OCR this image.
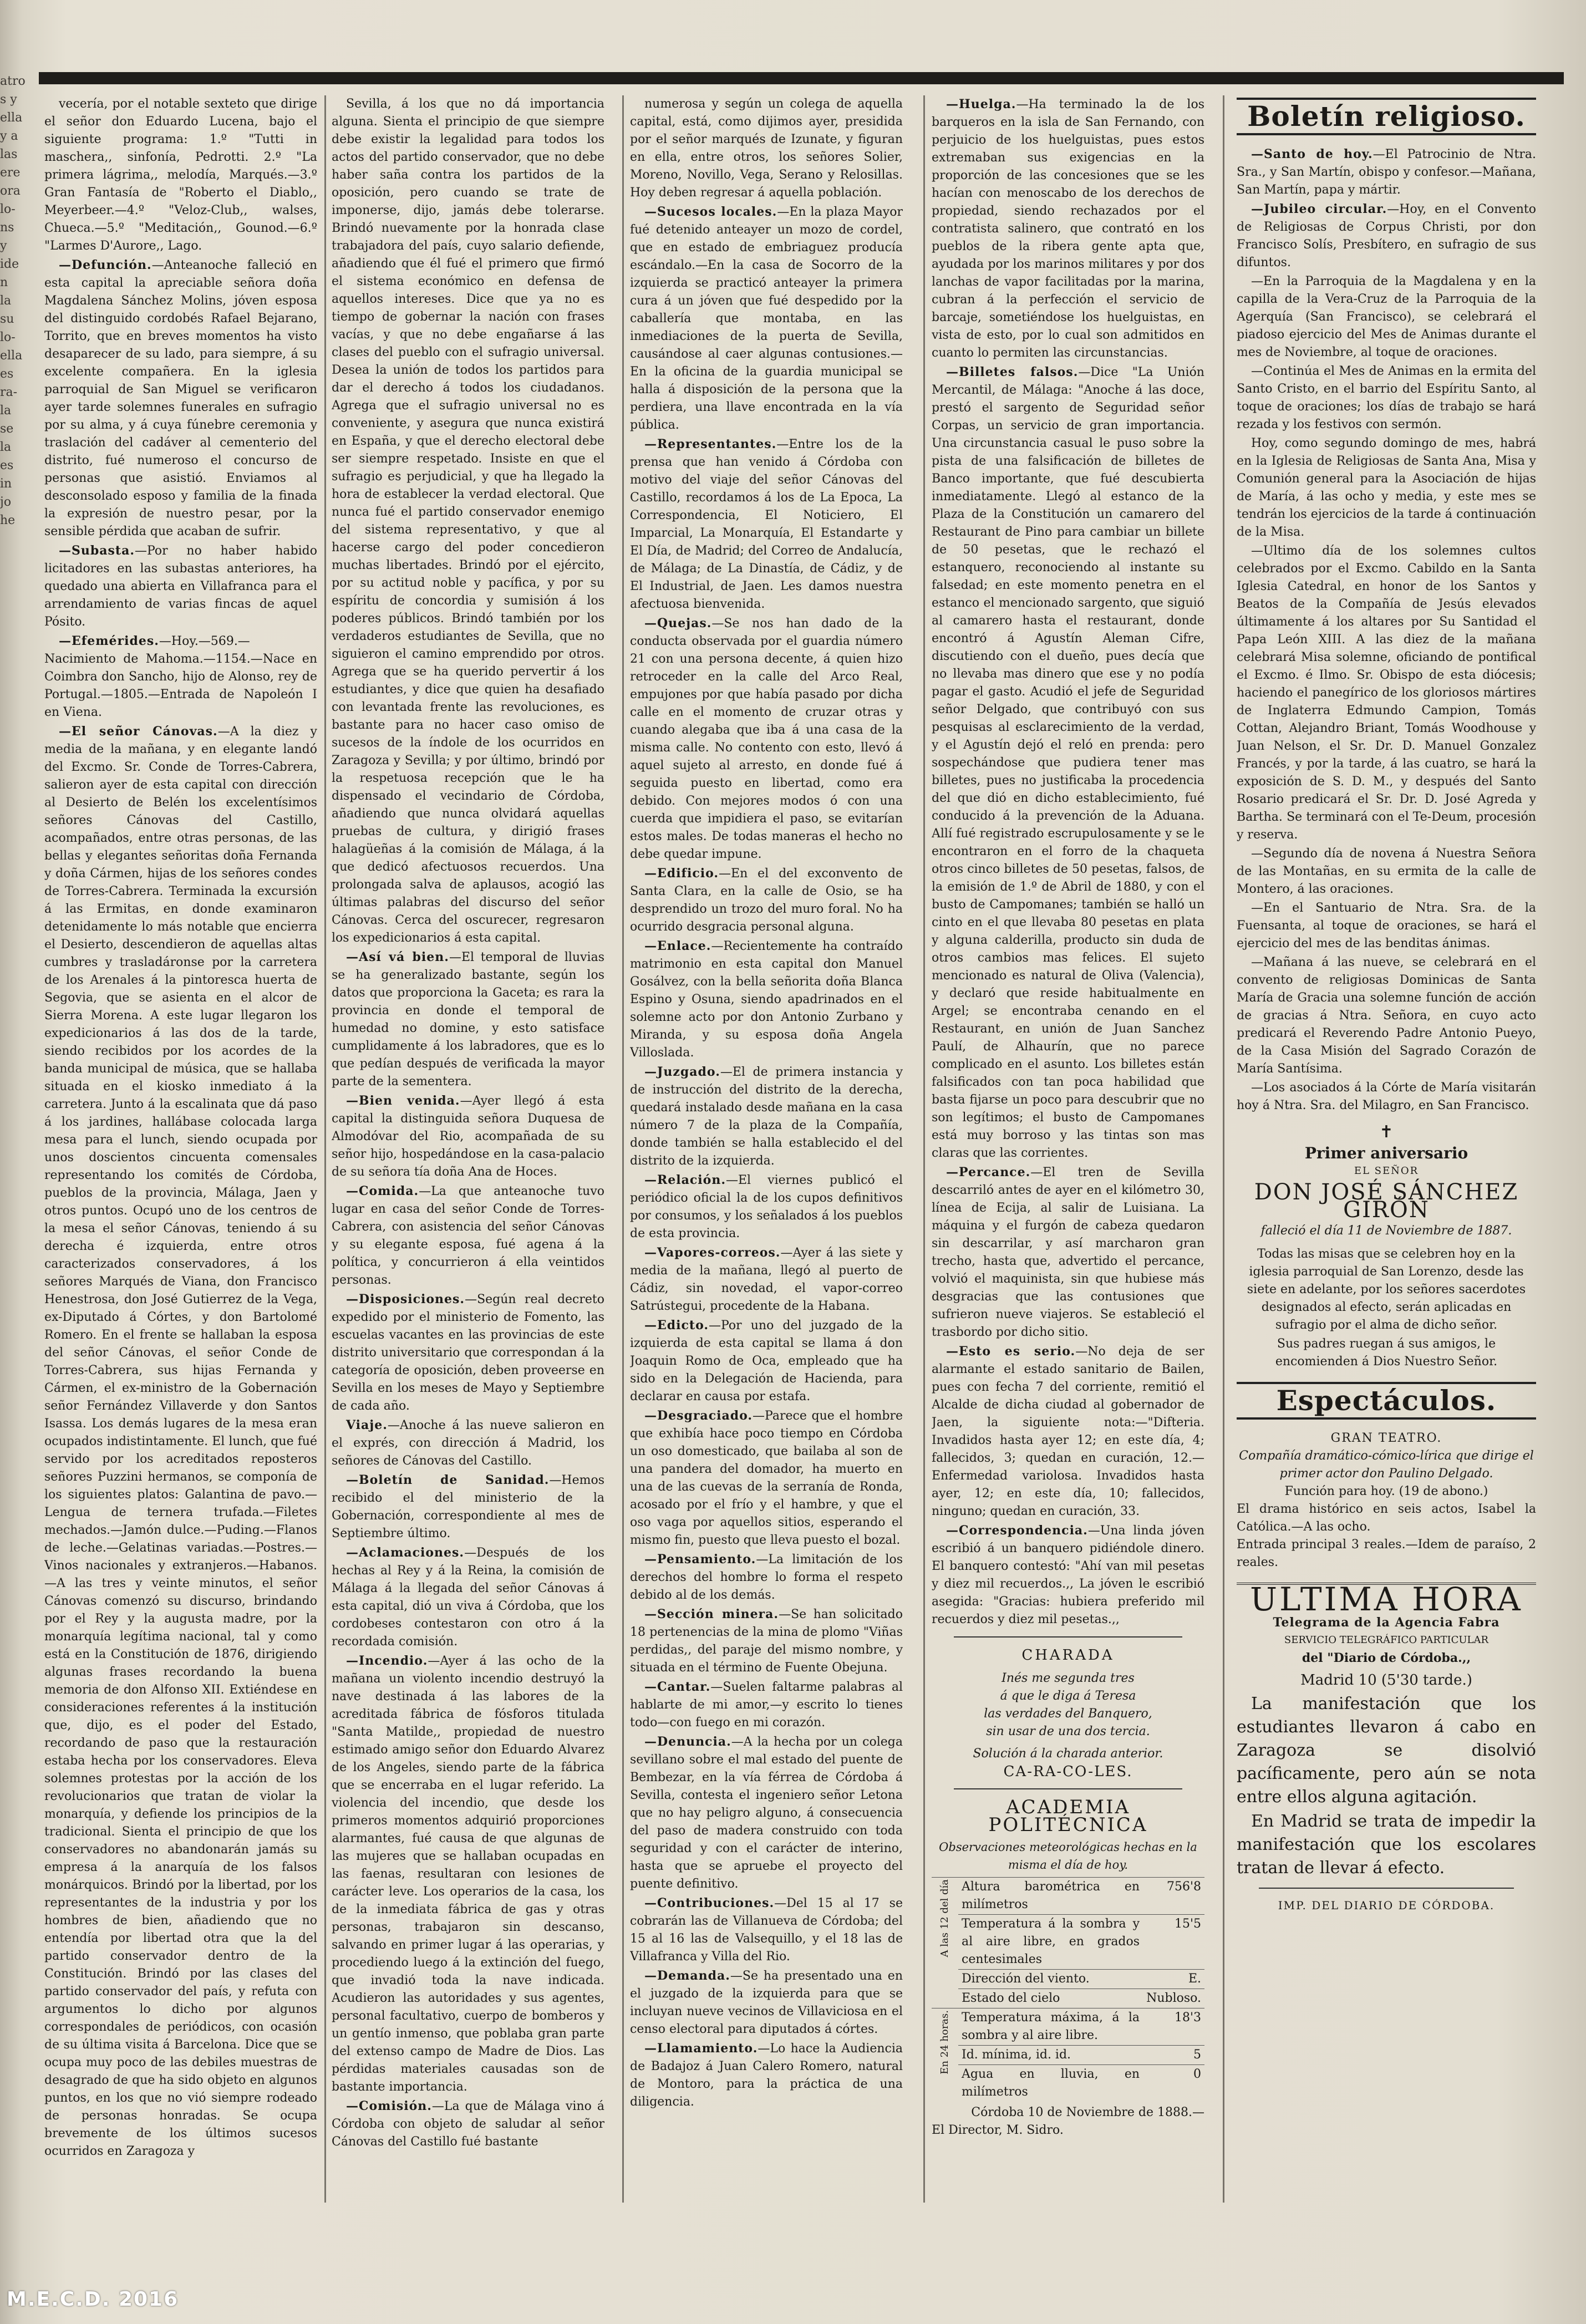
atro
s y
ella
y a
las
ere
ora
lo-
ns
y
ide
n
la
su
lo-
ella
es
ra-
la
se
la
es
in
jo
he

vecería, por el notable sexteto que dirige el señor don Eduardo Lucena, bajo el siguiente programa: 1.º "Tutti in maschera,, sinfonía, Pedrotti. 2.º "La primera lágrima,, melodía, Marqués.—3.º Gran Fantasía de "Roberto el Diablo,, Meyerbeer.—4.º "Veloz-Club,, walses, Chueca.—5.º "Meditación,, Gounod.—6.º "Larmes D'Aurore,, Lago.

—Defunción.—Anteanoche falleció en esta capital la apreciable señora doña Magdalena Sánchez Molins, jóven esposa del distinguido cordobés Rafael Bejarano, Torrito, que en breves momentos ha visto desaparecer de su lado, para siempre, á su excelente compañera. En la iglesia parroquial de San Miguel se verificaron ayer tarde solemnes funerales en sufragio por su alma, y á cuya fúnebre ceremonia y traslación del cadáver al cementerio del distrito, fué numeroso el concurso de personas que asistió. Enviamos al desconsolado esposo y familia de la finada la expresión de nuestro pesar, por la sensible pérdida que acaban de sufrir.

—Subasta.—Por no haber habido licitadores en las subastas anteriores, ha quedado una abierta en Villafranca para el arrendamiento de varias fincas de aquel Pósito.

—Efemérides.—Hoy.—569.—Nacimiento de Mahoma.—1154.—Nace en Coimbra don Sancho, hijo de Alonso, rey de Portugal.—1805.—Entrada de Napoleón I en Viena.

—El señor Cánovas.—A la diez y media de la mañana, y en elegante landó del Excmo. Sr. Conde de Torres-Cabrera, salieron ayer de esta capital con dirección al Desierto de Belén los excelentísimos señores Cánovas del Castillo, acompañados, entre otras personas, de las bellas y elegantes señoritas doña Fernanda y doña Cármen, hijas de los señores condes de Torres-Cabrera. Terminada la excursión á las Ermitas, en donde examinaron detenidamente lo más notable que encierra el Desierto, descendieron de aquellas altas cumbres y trasladáronse por la carretera de los Arenales á la pintoresca huerta de Segovia, que se asienta en el alcor de Sierra Morena. A este lugar llegaron los expedicionarios á las dos de la tarde, siendo recibidos por los acordes de la banda municipal de música, que se hallaba situada en el kiosko inmediato á la carretera. Junto á la escalinata que dá paso á los jardines, hallábase colocada larga mesa para el lunch, siendo ocupada por unos doscientos cincuenta comensales representando los comités de Córdoba, pueblos de la provincia, Málaga, Jaen y otros puntos. Ocupó uno de los centros de la mesa el señor Cánovas, teniendo á su derecha é izquierda, entre otros caracterizados conservadores, á los señores Marqués de Viana, don Francisco Henestrosa, don José Gutierrez de la Vega, ex-Diputado á Córtes, y don Bartolomé Romero. En el frente se hallaban la esposa del señor Cánovas, el señor Conde de Torres-Cabrera, sus hijas Fernanda y Cármen, el ex-ministro de la Gobernación señor Fernández Villaverde y don Santos Isassa. Los demás lugares de la mesa eran ocupados indistintamente. El lunch, que fué servido por los acreditados reposteros señores Puzzini hermanos, se componía de los siguientes platos: Galantina de pavo.—Lengua de ternera trufada.—Filetes mechados.—Jamón dulce.—Puding.—Flanos de leche.—Gelatinas variadas.—Postres.—Vinos nacionales y extranjeros.—Habanos.—A las tres y veinte minutos, el señor Cánovas comenzó su discurso, brindando por el Rey y la augusta madre, por la monarquía legítima nacional, tal y como está en la Constitución de 1876, dirigiendo algunas frases recordando la buena memoria de don Alfonso XII. Extiéndese en consideraciones referentes á la institución que, dijo, es el poder del Estado, recordando de paso que la restauración estaba hecha por los conservadores. Eleva solemnes protestas por la acción de los revolucionarios que tratan de violar la monarquía, y defiende los principios de la tradicional. Sienta el principio de que los conservadores no abandonarán jamás su empresa á la anarquía de los falsos monárquicos. Brindó por la libertad, por los representantes de la industria y por los hombres de bien, añadiendo que no entendía por libertad otra que la del partido conservador dentro de la Constitución. Brindó por las clases del partido conservador del país, y refuta con argumentos lo dicho por algunos correspondales de periódicos, con ocasión de su última visita á Barcelona. Dice que se ocupa muy poco de las debiles muestras de desagrado de que ha sido objeto en algunos puntos, en los que no vió siempre rodeado de personas honradas. Se ocupa brevemente de los últimos sucesos ocurridos en Zaragoza y

Sevilla, á los que no dá importancia alguna. Sienta el principio de que siempre debe existir la legalidad para todos los actos del partido conservador, que no debe haber saña contra los partidos de la oposición, pero cuando se trate de imponerse, dijo, jamás debe tolerarse. Brindó nuevamente por la honrada clase trabajadora del país, cuyo salario defiende, añadiendo que él fué el primero que firmó el sistema económico en defensa de aquellos intereses. Dice que ya no es tiempo de gobernar la nación con frases vacías, y que no debe engañarse á las clases del pueblo con el sufragio universal. Desea la unión de todos los partidos para dar el derecho á todos los ciudadanos. Agrega que el sufragio universal no es conveniente, y asegura que nunca existirá en España, y que el derecho electoral debe ser siempre respetado. Insiste en que el sufragio es perjudicial, y que ha llegado la hora de establecer la verdad electoral. Que nunca fué el partido conservador enemigo del sistema representativo, y que al hacerse cargo del poder concedieron muchas libertades. Brindó por el ejército, por su actitud noble y pacífica, y por su espíritu de concordia y sumisión á los poderes públicos. Brindó también por los verdaderos estudiantes de Sevilla, que no siguieron el camino emprendido por otros. Agrega que se ha querido pervertir á los estudiantes, y dice que quien ha desafiado con levantada frente las revoluciones, es bastante para no hacer caso omiso de sucesos de la índole de los ocurridos en Zaragoza y Sevilla; y por último, brindó por la respetuosa recepción que le ha dispensado el vecindario de Córdoba, añadiendo que nunca olvidará aquellas pruebas de cultura, y dirigió frases halagüeñas á la comisión de Málaga, á la que dedicó afectuosos recuerdos. Una prolongada salva de aplausos, acogió las últimas palabras del discurso del señor Cánovas. Cerca del oscurecer, regresaron los expedicionarios á esta capital.

—Así vá bien.—El temporal de lluvias se ha generalizado bastante, según los datos que proporciona la Gaceta; es rara la provincia en donde el temporal de humedad no domine, y esto satisface cumplidamente á los labradores, que es lo que pedían después de verificada la mayor parte de la sementera.

—Bien venida.—Ayer llegó á esta capital la distinguida señora Duquesa de Almodóvar del Rio, acompañada de su señor hijo, hospedándose en la casa-palacio de su señora tía doña Ana de Hoces.

—Comida.—La que anteanoche tuvo lugar en casa del señor Conde de Torres-Cabrera, con asistencia del señor Cánovas y su elegante esposa, fué agena á la política, y concurrieron á ella veintidos personas.

—Disposiciones.—Según real decreto expedido por el ministerio de Fomento, las escuelas vacantes en las provincias de este distrito universitario que correspondan á la categoría de oposición, deben proveerse en Sevilla en los meses de Mayo y Septiembre de cada año.

Viaje.—Anoche á las nueve salieron en el exprés, con dirección á Madrid, los señores de Cánovas del Castillo.

—Boletín de Sanidad.—Hemos recibido el del ministerio de la Gobernación, correspondiente al mes de Septiembre último.

—Aclamaciones.—Después de los hechas al Rey y á la Reina, la comisión de Málaga á la llegada del señor Cánovas á esta capital, dió un viva á Córdoba, que los cordobeses contestaron con otro á la recordada comisión.

—Incendio.—Ayer á las ocho de la mañana un violento incendio destruyó la nave destinada á las labores de la acreditada fábrica de fósforos titulada "Santa Matilde,, propiedad de nuestro estimado amigo señor don Eduardo Alvarez de los Angeles, siendo parte de la fábrica que se encerraba en el lugar referido. La violencia del incendio, que desde los primeros momentos adquirió proporciones alarmantes, fué causa de que algunas de las mujeres que se hallaban ocupadas en las faenas, resultaran con lesiones de carácter leve. Los operarios de la casa, los de la inmediata fábrica de gas y otras personas, trabajaron sin descanso, salvando en primer lugar á las operarias, y procediendo luego á la extinción del fuego, que invadió toda la nave indicada. Acudieron las autoridades y sus agentes, personal facultativo, cuerpo de bomberos y un gentío inmenso, que poblaba gran parte del extenso campo de Madre de Dios. Las pérdidas materiales causadas son de bastante importancia.

—Comisión.—La que de Málaga vino á Córdoba con objeto de saludar al señor Cánovas del Castillo fué bastante

numerosa y según un colega de aquella capital, está, como dijimos ayer, presidida por el señor marqués de Izunate, y figuran en ella, entre otros, los señores Solier, Moreno, Novillo, Vega, Serano y Relosillas. Hoy deben regresar á aquella población.

—Sucesos locales.—En la plaza Mayor fué detenido anteayer un mozo de cordel, que en estado de embriaguez producía escándalo.—En la casa de Socorro de la izquierda se practicó anteayer la primera cura á un jóven que fué despedido por la caballería que montaba, en las inmediaciones de la puerta de Sevilla, causándose al caer algunas contusiones.—En la oficina de la guardia municipal se halla á disposición de la persona que la perdiera, una llave encontrada en la vía pública.

—Representantes.—Entre los de la prensa que han venido á Córdoba con motivo del viaje del señor Cánovas del Castillo, recordamos á los de La Epoca, La Correspondencia, El Noticiero, El Imparcial, La Monarquía, El Estandarte y El Día, de Madrid; del Correo de Andalucía, de Málaga; de La Dinastía, de Cádiz, y de El Industrial, de Jaen. Les damos nuestra afectuosa bienvenida.

—Quejas.—Se nos han dado de la conducta observada por el guardia número 21 con una persona decente, á quien hizo retroceder en la calle del Arco Real, empujones por que había pasado por dicha calle en el momento de cruzar otras y cuando alegaba que iba á una casa de la misma calle. No contento con esto, llevó á aquel sujeto al arresto, en donde fué á seguida puesto en libertad, como era debido. Con mejores modos ó con una cuerda que impidiera el paso, se evitarían estos males. De todas maneras el hecho no debe quedar impune.

—Edificio.—En el del exconvento de Santa Clara, en la calle de Osio, se ha desprendido un trozo del muro foral. No ha ocurrido desgracia personal alguna.

—Enlace.—Recientemente ha contraído matrimonio en esta capital don Manuel Gosálvez, con la bella señorita doña Blanca Espino y Osuna, siendo apadrinados en el solemne acto por don Antonio Zurbano y Miranda, y su esposa doña Angela Villoslada.

—Juzgado.—El de primera instancia y de instrucción del distrito de la derecha, quedará instalado desde mañana en la casa número 7 de la plaza de la Compañía, donde también se halla establecido el del distrito de la izquierda.

—Relación.—El viernes publicó el periódico oficial la de los cupos definitivos por consumos, y los señalados á los pueblos de esta provincia.

—Vapores-correos.—Ayer á las siete y media de la mañana, llegó al puerto de Cádiz, sin novedad, el vapor-correo Satrústegui, procedente de la Habana.

—Edicto.—Por uno del juzgado de la izquierda de esta capital se llama á don Joaquin Romo de Oca, empleado que ha sido en la Delegación de Hacienda, para declarar en causa por estafa.

—Desgraciado.—Parece que el hombre que exhibía hace poco tiempo en Córdoba un oso domesticado, que bailaba al son de una pandera del domador, ha muerto en una de las cuevas de la serranía de Ronda, acosado por el frío y el hambre, y que el oso vaga por aquellos sitios, esperando el mismo fin, puesto que lleva puesto el bozal.

—Pensamiento.—La limitación de los derechos del hombre lo forma el respeto debido al de los demás.

—Sección minera.—Se han solicitado 18 pertenencias de la mina de plomo "Viñas perdidas,, del paraje del mismo nombre, y situada en el término de Fuente Obejuna.

—Cantar.—Suelen faltarme palabras al hablarte de mi amor,—y escrito lo tienes todo—con fuego en mi corazón.

—Denuncia.—A la hecha por un colega sevillano sobre el mal estado del puente de Bembezar, en la vía férrea de Córdoba á Sevilla, contesta el ingeniero señor Letona que no hay peligro alguno, á consecuencia del paso de madera construido con toda seguridad y con el carácter de interino, hasta que se apruebe el proyecto del puente definitivo.

—Contribuciones.—Del 15 al 17 se cobrarán las de Villanueva de Córdoba; del 15 al 16 las de Valsequillo, y el 18 las de Villafranca y Villa del Rio.

—Demanda.—Se ha presentado una en el juzgado de la izquierda para que se incluyan nueve vecinos de Villaviciosa en el censo electoral para diputados á córtes.

—Llamamiento.—Lo hace la Audiencia de Badajoz á Juan Calero Romero, natural de Montoro, para la práctica de una diligencia.

—Huelga.—Ha terminado la de los barqueros en la isla de San Fernando, con perjuicio de los huelguistas, pues estos extremaban sus exigencias en la proporción de las concesiones que se les hacían con menoscabo de los derechos de propiedad, siendo rechazados por el contratista salinero, que contrató en los pueblos de la ribera gente apta que, ayudada por los marinos militares y por dos lanchas de vapor facilitadas por la marina, cubran á la perfección el servicio de barcaje, sometiéndose los huelguistas, en vista de esto, por lo cual son admitidos en cuanto lo permiten las circunstancias.

—Billetes falsos.—Dice "La Unión Mercantil, de Málaga: "Anoche á las doce, prestó el sargento de Seguridad señor Corpas, un servicio de gran importancia. Una circunstancia casual le puso sobre la pista de una falsificación de billetes de Banco importante, que fué descubierta inmediatamente. Llegó al estanco de la Plaza de la Constitución un camarero del Restaurant de Pino para cambiar un billete de 50 pesetas, que le rechazó el estanquero, reconociendo al instante su falsedad; en este momento penetra en el estanco el mencionado sargento, que siguió al camarero hasta el restaurant, donde encontró á Agustín Aleman Cifre, discutiendo con el dueño, pues decía que no llevaba mas dinero que ese y no podía pagar el gasto. Acudió el jefe de Seguridad señor Delgado, que contribuyó con sus pesquisas al esclarecimiento de la verdad, y el Agustín dejó el reló en prenda: pero sospechándose que pudiera tener mas billetes, pues no justificaba la procedencia del que dió en dicho establecimiento, fué conducido á la prevención de la Aduana. Allí fué registrado escrupulosamente y se le encontraron en el forro de la chaqueta otros cinco billetes de 50 pesetas, falsos, de la emisión de 1.º de Abril de 1880, y con el busto de Campomanes; también se halló un cinto en el que llevaba 80 pesetas en plata y alguna calderilla, producto sin duda de otros cambios mas felices. El sujeto mencionado es natural de Oliva (Valencia), y declaró que reside habitualmente en Argel; se encontraba cenando en el Restaurant, en unión de Juan Sanchez Paulí, de Alhaurín, que no parece complicado en el asunto. Los billetes están falsificados con tan poca habilidad que basta fijarse un poco para descubrir que no son legítimos; el busto de Campomanes está muy borroso y las tintas son mas claras que las corrientes.

—Percance.—El tren de Sevilla descarriló antes de ayer en el kilómetro 30, línea de Ecija, al salir de Luisiana. La máquina y el furgón de cabeza quedaron sin descarrilar, y así marcharon gran trecho, hasta que, advertido el percance, volvió el maquinista, sin que hubiese más desgracias que las contusiones que sufrieron nueve viajeros. Se estableció el trasbordo por dicho sitio.

—Esto es serio.—No deja de ser alarmante el estado sanitario de Bailen, pues con fecha 7 del corriente, remitió el Alcalde de dicha ciudad al gobernador de Jaen, la siguiente nota:—"Difteria. Invadidos hasta ayer 12; en este día, 4; fallecidos, 3; quedan en curación, 12.—Enfermedad variolosa. Invadidos hasta ayer, 12; en este día, 10; fallecidos, ninguno; quedan en curación, 33.

—Correspondencia.—Una linda jóven escribió á un banquero pidiéndole dinero. El banquero contestó: "Ahí van mil pesetas y diez mil recuerdos.,, La jóven le escribió asegida: "Gracias: hubiera preferido mil recuerdos y diez mil pesetas.,,

CHARADA
Inés me segunda tres
á que le diga á Teresa
las verdades del Banquero,
sin usar de una dos tercia.
Solución á la charada anterior.
CA-RA-CO-LES.
ACADEMIA POLITÉCNICA
Observaciones meteorológicas hechas en la misma el día de hoy.
A las 12 del día	Altura barométrica en milímetros	756'8
	Temperatura á la sombra y al aire libre, en grados centesimales	15'5
	Dirección del viento.	E.
	Estado del cielo	Nubloso.
En 24 horas.	Temperatura máxima, á la sombra y al aire libre.	18'3
	Id. mínima, id. id.	5
	Agua en lluvia, en milímetros	0
Córdoba 10 de Noviembre de 1888.—
El Director, M. Sidro.
Boletín religioso.

—Santo de hoy.—El Patrocinio de Ntra. Sra., y San Martín, obispo y confesor.—Mañana, San Martín, papa y mártir.

—Jubileo circular.—Hoy, en el Convento de Religiosas de Corpus Christi, por don Francisco Solís, Presbítero, en sufragio de sus difuntos.

—En la Parroquia de la Magdalena y en la capilla de la Vera-Cruz de la Parroquia de la Agerquía (San Francisco), se celebrará el piadoso ejercicio del Mes de Animas durante el mes de Noviembre, al toque de oraciones.

—Continúa el Mes de Animas en la ermita del Santo Cristo, en el barrio del Espíritu Santo, al toque de oraciones; los días de trabajo se hará rezada y los festivos con sermón.

Hoy, como segundo domingo de mes, habrá en la Iglesia de Religiosas de Santa Ana, Misa y Comunión general para la Asociación de hijas de María, á las ocho y media, y este mes se tendrán los ejercicios de la tarde á continuación de la Misa.

—Ultimo día de los solemnes cultos celebrados por el Excmo. Cabildo en la Santa Iglesia Catedral, en honor de los Santos y Beatos de la Compañía de Jesús elevados últimamente á los altares por Su Santidad el Papa León XIII. A las diez de la mañana celebrará Misa solemne, oficiando de pontifical el Excmo. é Ilmo. Sr. Obispo de esta diócesis; haciendo el panegírico de los gloriosos mártires de Inglaterra Edmundo Campion, Tomás Cottan, Alejandro Briant, Tomás Woodhouse y Juan Nelson, el Sr. Dr. D. Manuel Gonzalez Francés, y por la tarde, á las cuatro, se hará la exposición de S. D. M., y después del Santo Rosario predicará el Sr. Dr. D. José Agreda y Bartha. Se terminará con el Te-Deum, procesión y reserva.

—Segundo día de novena á Nuestra Señora de las Montañas, en su ermita de la calle de Montero, á las oraciones.

—En el Santuario de Ntra. Sra. de la Fuensanta, al toque de oraciones, se hará el ejercicio del mes de las benditas ánimas.

—Mañana á las nueve, se celebrará en el convento de religiosas Dominicas de Santa María de Gracia una solemne función de acción de gracias á Ntra. Señora, en cuyo acto predicará el Reverendo Padre Antonio Pueyo, de la Casa Misión del Sagrado Corazón de María Santísima.

—Los asociados á la Córte de María visitarán hoy á Ntra. Sra. del Milagro, en San Francisco.

✝
Primer aniversario
EL SEÑOR
DON JOSÉ SÁNCHEZ GIRÓN
falleció el día 11 de Noviembre de 1887.

Todas las misas que se celebren hoy en la iglesia parroquial de San Lorenzo, desde las siete en adelante, por los señores sacerdotes designados al efecto, serán aplicadas en sufragio por el alma de dicho señor.

Sus padres ruegan á sus amigos, le encomienden á Dios Nuestro Señor.

Espectáculos.
GRAN TEATRO.
Compañía dramático-cómico-lírica que dirige el primer actor don Paulino Delgado.
Función para hoy. (19 de abono.)
El drama histórico en seis actos, Isabel la Católica.—A las ocho.
Entrada principal 3 reales.—Idem de paraíso, 2 reales.
ULTIMA HORA
Telegrama de la Agencia Fabra
SERVICIO TELEGRÁFICO PARTICULAR
del "Diario de Córdoba.,,
Madrid 10 (5'30 tarde.)

La manifestación que los estudiantes llevaron á cabo en Zaragoza se disolvió pacíficamente, pero aún se nota entre ellos alguna agitación.

En Madrid se trata de impedir la manifestación que los escolares tratan de llevar á efecto.

IMP. DEL DIARIO DE CÓRDOBA.
M.E.C.D. 2016
